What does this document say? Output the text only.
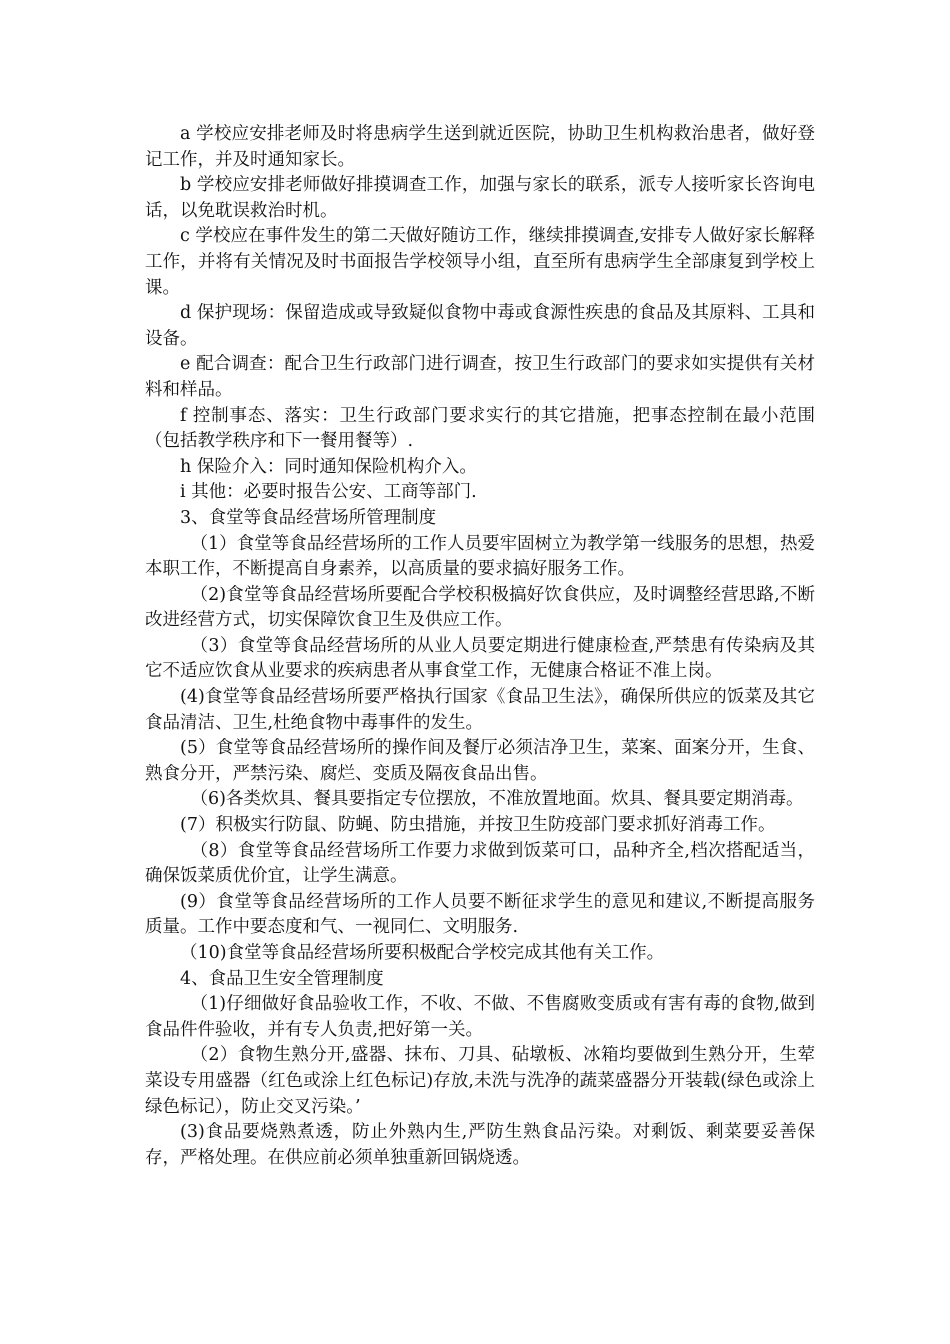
a 学校应安排老师及时将患病学生送到就近医院，协助卫生机构救治患者，做好登记工作，并及时通知家长。

b 学校应安排老师做好排摸调查工作，加强与家长的联系，派专人接听家长咨询电话，以免耽误救治时机。

c 学校应在事件发生的第二天做好随访工作，继续排摸调查,安排专人做好家长解释工作，并将有关情况及时书面报告学校领导小组，直至所有患病学生全部康复到学校上课。

d 保护现场：保留造成或导致疑似食物中毒或食源性疾患的食品及其原料、工具和设备。

e 配合调查：配合卫生行政部门进行调查，按卫生行政部门的要求如实提供有关材料和样品。

f 控制事态、落实：卫生行政部门要求实行的其它措施，把事态控制在最小范围（包括教学秩序和下一餐用餐等）.

h 保险介入：同时通知保险机构介入。

i 其他：必要时报告公安、工商等部门.

3、食堂等食品经营场所管理制度

（1）食堂等食品经营场所的工作人员要牢固树立为教学第一线服务的思想，热爱本职工作，不断提高自身素养，以高质量的要求搞好服务工作。

（2)食堂等食品经营场所要配合学校积极搞好饮食供应，及时调整经营思路,不断改进经营方式，切实保障饮食卫生及供应工作。

（3）食堂等食品经营场所的从业人员要定期进行健康检查,严禁患有传染病及其它不适应饮食从业要求的疾病患者从事食堂工作，无健康合格证不准上岗。

(4)食堂等食品经营场所要严格执行国家《食品卫生法》，确保所供应的饭菜及其它食品清洁、卫生,杜绝食物中毒事件的发生。

(5）食堂等食品经营场所的操作间及餐厅必须洁净卫生，菜案、面案分开，生食、熟食分开，严禁污染、腐烂、变质及隔夜食品出售。

（6)各类炊具、餐具要指定专位摆放，不准放置地面。炊具、餐具要定期消毒。

(7）积极实行防鼠、防蝇、防虫措施，并按卫生防疫部门要求抓好消毒工作。

（8）食堂等食品经营场所工作要力求做到饭菜可口，品种齐全,档次搭配适当，确保饭菜质优价宜，让学生满意。

(9）食堂等食品经营场所的工作人员要不断征求学生的意见和建议,不断提高服务质量。工作中要态度和气、一视同仁、文明服务.

（10)食堂等食品经营场所要积极配合学校完成其他有关工作。

4、食品卫生安全管理制度

（1)仔细做好食品验收工作，不收、不做、不售腐败变质或有害有毒的食物,做到食品件件验收，并有专人负责,把好第一关。

（2）食物生熟分开,盛器、抹布、刀具、砧墩板、冰箱均要做到生熟分开，生荤菜设专用盛器（红色或涂上红色标记)存放,未洗与洗净的蔬菜盛器分开装载(绿色或涂上绿色标记），防止交叉污染。’

(3)食品要烧熟煮透，防止外熟内生,严防生熟食品污染。对剩饭、剩菜要妥善保存，严格处理。在供应前必须单独重新回锅烧透。
